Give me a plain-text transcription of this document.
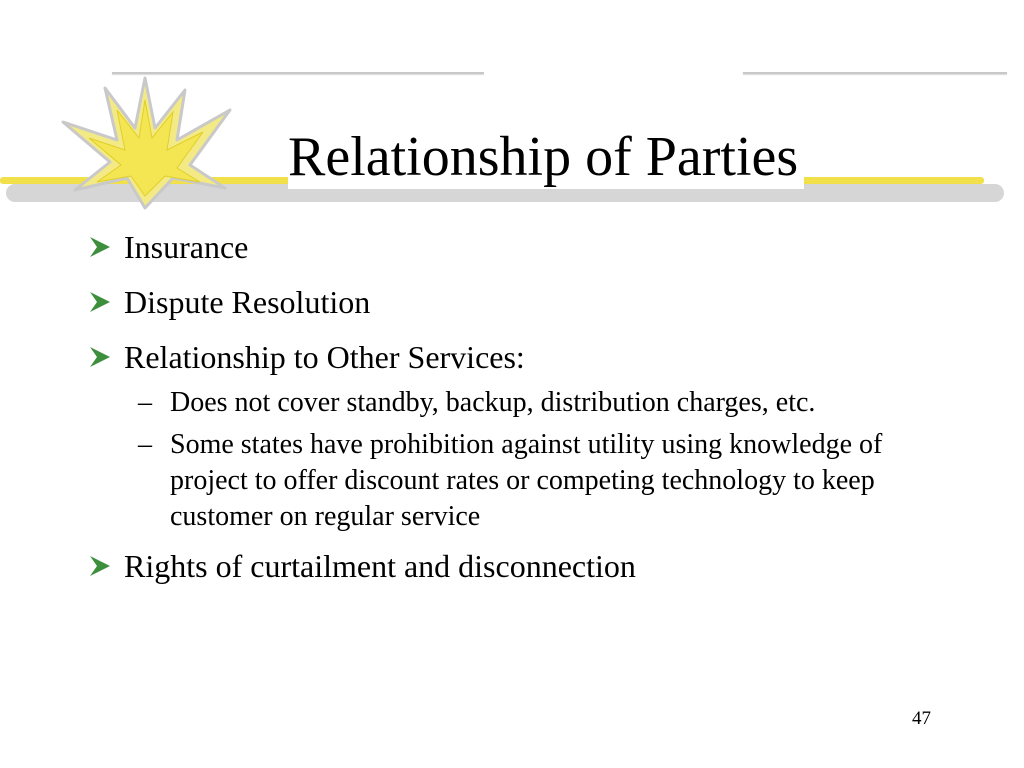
Relationship of Parties
Insurance
Dispute Resolution
Relationship to Other Services:
– Does not cover standby, backup, distribution charges, etc.
– Some states have prohibition against utility using knowledge of project to offer discount rates or competing technology to keep customer on regular service
Rights of curtailment and disconnection
47
